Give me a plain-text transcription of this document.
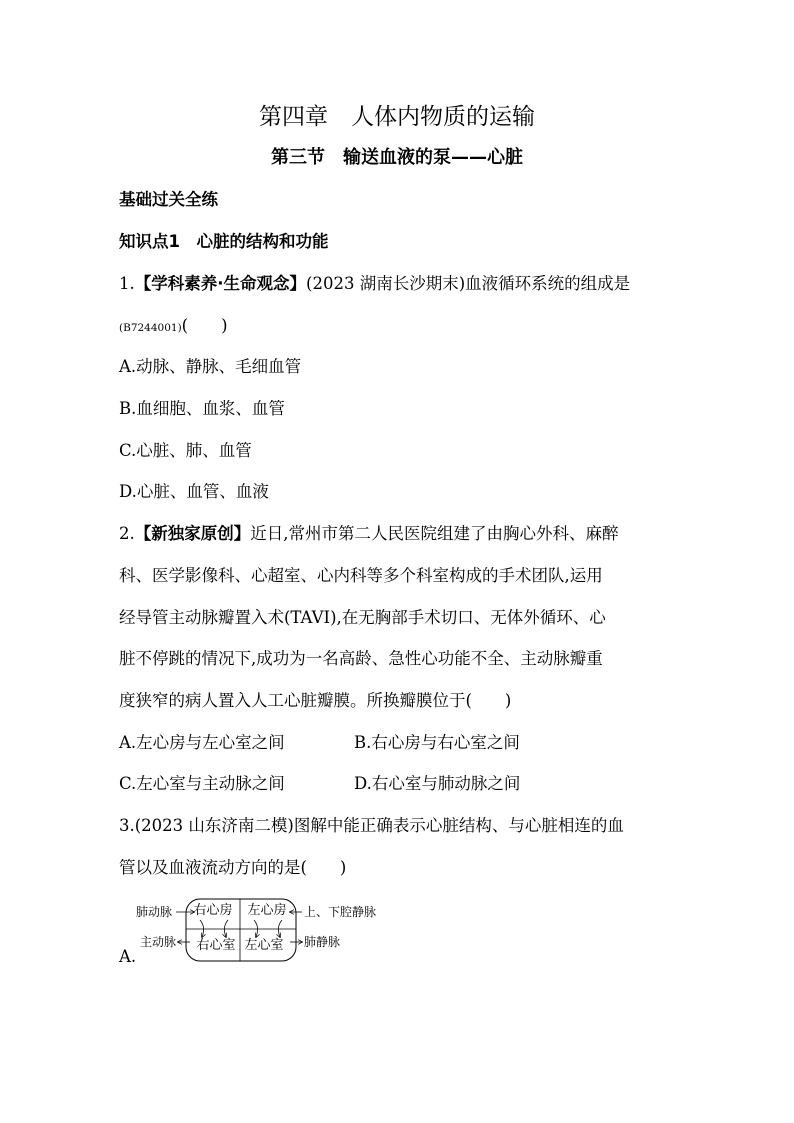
第四章　人体内物质的运输
第三节　输送血液的泵——心脏
基础过关全练
知识点1　心脏的结构和功能
1.【学科素养·生命观念】(2023 湖南长沙期末)血液循环系统的组成是
(B7244001)(　　)
A.动脉、静脉、毛细血管
B.血细胞、血浆、血管
C.心脏、肺、血管
D.心脏、血管、血液
2.【新独家原创】近日,常州市第二人民医院组建了由胸心外科、麻醉
科、医学影像科、心超室、心内科等多个科室构成的手术团队,运用
经导管主动脉瓣置入术(TAVI),在无胸部手术切口、无体外循环、心
脏不停跳的情况下,成功为一名高龄、急性心功能不全、主动脉瓣重
度狭窄的病人置入人工心脏瓣膜。所换瓣膜位于(　　)
A.左心房与左心室之间	B.右心房与右心室之间
C.左心室与主动脉之间	D.右心室与肺动脉之间
3.(2023 山东济南二模)图解中能正确表示心脏结构、与心脏相连的血
管以及血液流动方向的是(　　)
A.
右心房 左心房
右心室 左心室
肺动脉
主动脉
上、下腔静脉
肺静脉
